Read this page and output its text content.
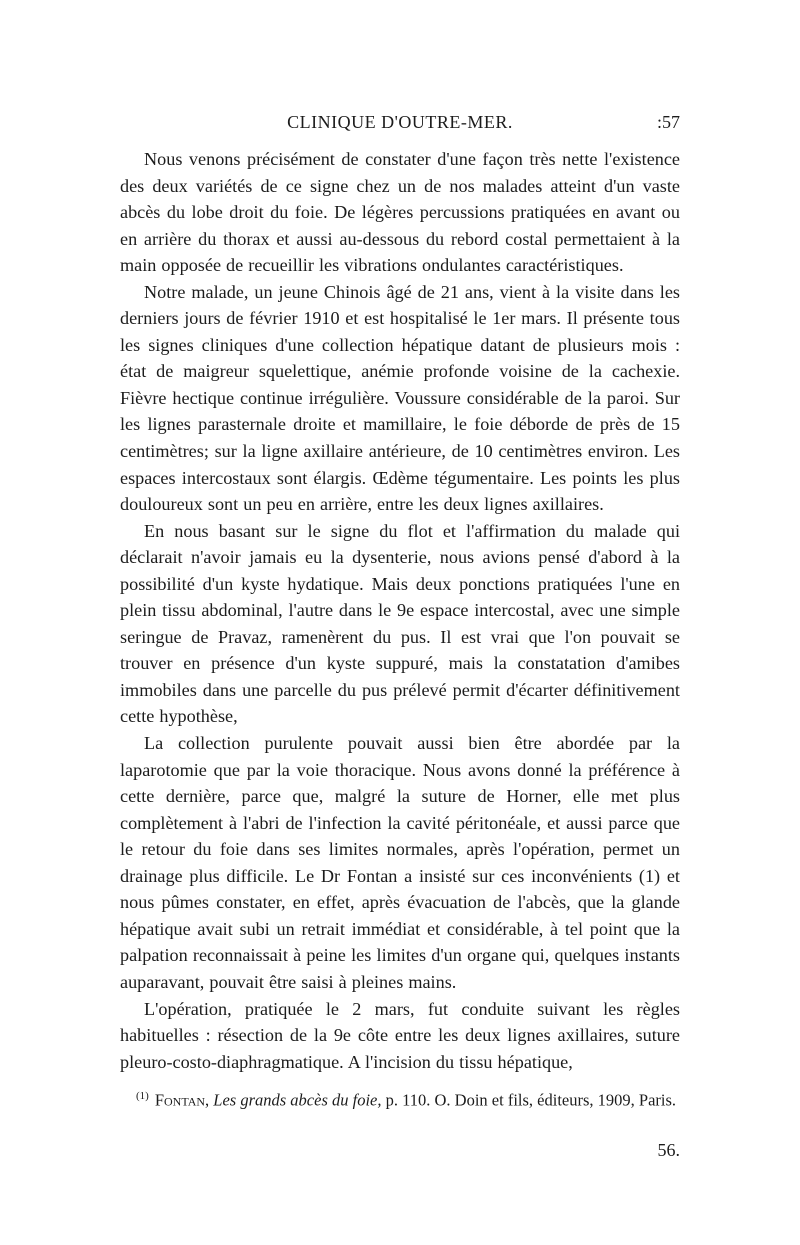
CLINIQUE D'OUTRE-MER.	:57

Nous venons précisément de constater d'une façon très nette l'existence des deux variétés de ce signe chez un de nos malades atteint d'un vaste abcès du lobe droit du foie. De légères percussions pratiquées en avant ou en arrière du thorax et aussi au-dessous du rebord costal permettaient à la main opposée de recueillir les vibrations ondulantes caractéristiques.

Notre malade, un jeune Chinois âgé de 21 ans, vient à la visite dans les derniers jours de février 1910 et est hospitalisé le 1er mars. Il présente tous les signes cliniques d'une collection hépatique datant de plusieurs mois : état de maigreur squelettique, anémie profonde voisine de la cachexie. Fièvre hectique continue irrégulière. Voussure considérable de la paroi. Sur les lignes parasternale droite et mamillaire, le foie déborde de près de 15 centimètres; sur la ligne axillaire antérieure, de 10 centimètres environ. Les espaces intercostaux sont élargis. Œdème tégumentaire. Les points les plus douloureux sont un peu en arrière, entre les deux lignes axillaires.

En nous basant sur le signe du flot et l'affirmation du malade qui déclarait n'avoir jamais eu la dysenterie, nous avions pensé d'abord à la possibilité d'un kyste hydatique. Mais deux ponctions pratiquées l'une en plein tissu abdominal, l'autre dans le 9e espace intercostal, avec une simple seringue de Pravaz, ramenèrent du pus. Il est vrai que l'on pouvait se trouver en présence d'un kyste suppuré, mais la constatation d'amibes immobiles dans une parcelle du pus prélevé permit d'écarter définitivement cette hypothèse,

La collection purulente pouvait aussi bien être abordée par la laparotomie que par la voie thoracique. Nous avons donné la préférence à cette dernière, parce que, malgré la suture de Horner, elle met plus complètement à l'abri de l'infection la cavité péritonéale, et aussi parce que le retour du foie dans ses limites normales, après l'opération, permet un drainage plus difficile. Le Dr Fontan a insisté sur ces inconvénients (1) et nous pûmes constater, en effet, après évacuation de l'abcès, que la glande hépatique avait subi un retrait immédiat et considérable, à tel point que la palpation reconnaissait à peine les limites d'un organe qui, quelques instants auparavant, pouvait être saisi à pleines mains.

L'opération, pratiquée le 2 mars, fut conduite suivant les règles habituelles : résection de la 9e côte entre les deux lignes axillaires, suture pleuro-costo-diaphragmatique. A l'incision du tissu hépatique,

$^{(1)}$ Fontan, Les grands abcès du foie, p. 110. O. Doin et fils, éditeurs, 1909, Paris.
56.
